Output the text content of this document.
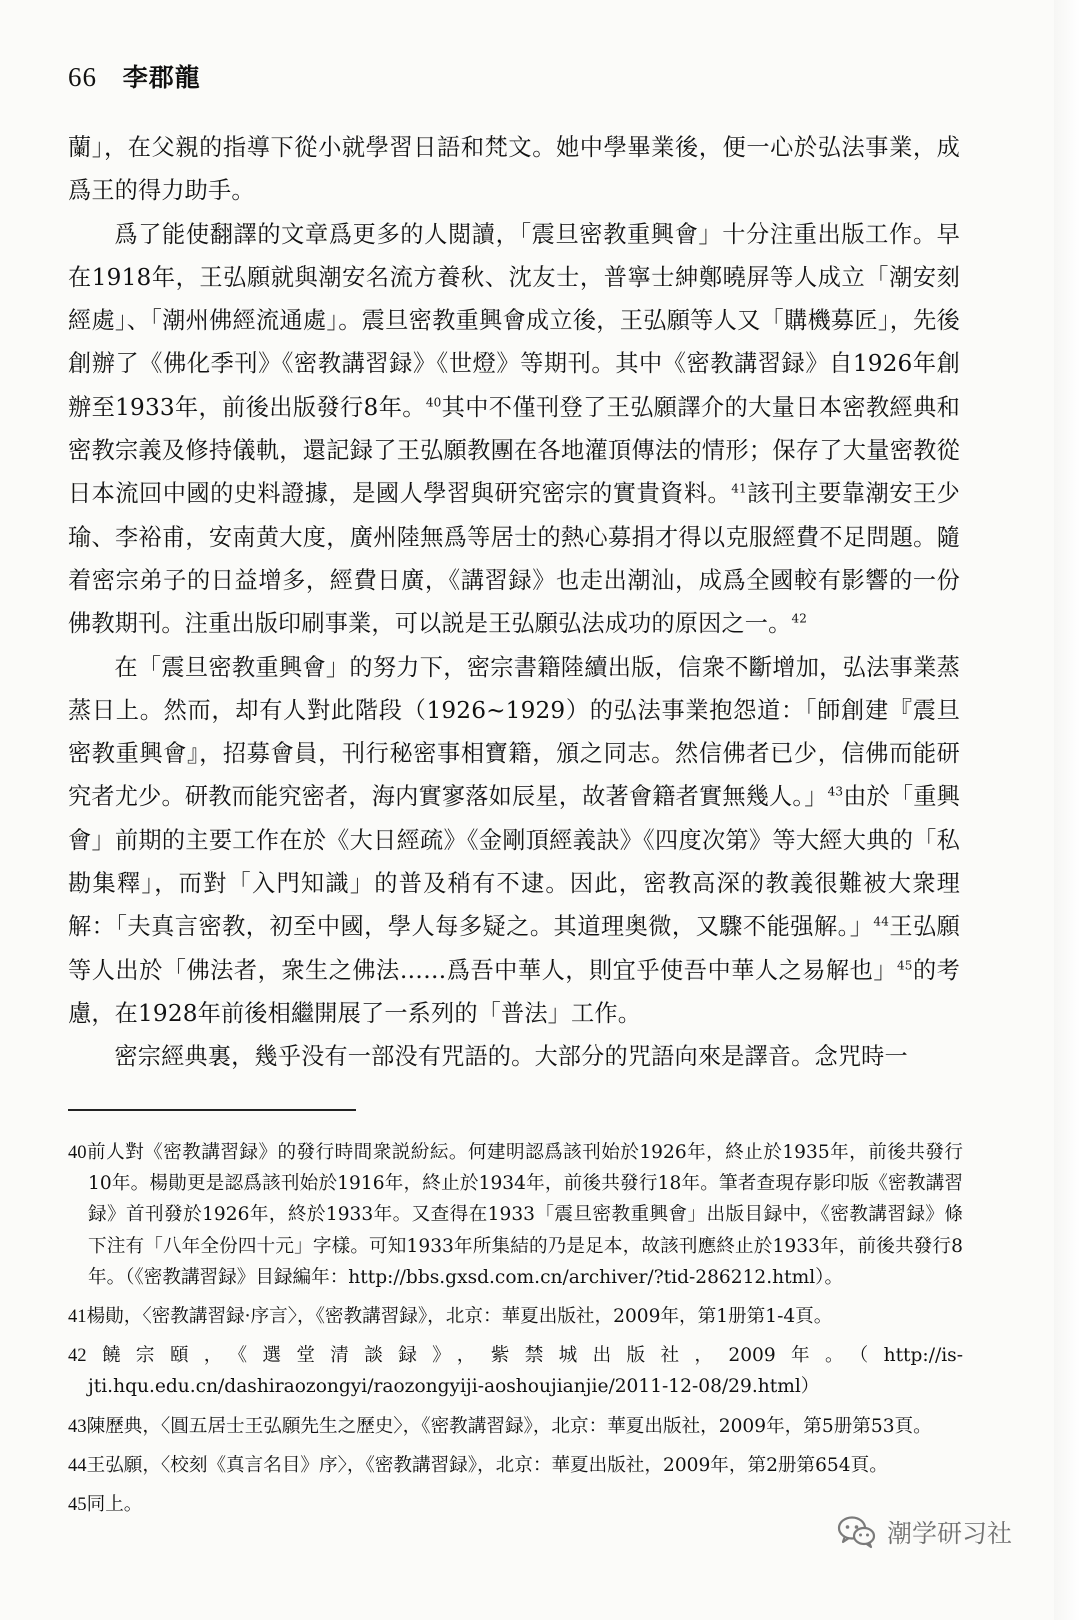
66 李郡龍

蘭」，在父親的指導下從小就學習日語和梵文。她中學畢業後，便一心於弘法事業，成爲王的得力助手。

爲了能使翻譯的文章爲更多的人閲讀，「震旦密教重興會」十分注重出版工作。早在1918年，王弘願就與潮安名流方養秋、沈友士，普寧士紳鄭曉屏等人成立「潮安刻經處」、「潮州佛經流通處」。震旦密教重興會成立後，王弘願等人又「購機募匠」，先後創辦了《佛化季刊》《密教講習録》《世燈》等期刊。其中《密教講習録》自1926年創辦至1933年，前後出版發行8年。$^{40}$其中不僅刊登了王弘願譯介的大量日本密教經典和密教宗義及修持儀軌，還記録了王弘願教團在各地灌頂傳法的情形；保存了大量密教從日本流回中國的史料證據，是國人學習與研究密宗的實貴資料。$^{41}$該刊主要靠潮安王少瑜、李裕甫，安南黄大度，廣州陸無爲等居士的熱心募捐才得以克服經費不足問題。隨着密宗弟子的日益增多，經費日廣，《講習録》也走出潮汕，成爲全國較有影響的一份佛教期刊。注重出版印刷事業，可以説是王弘願弘法成功的原因之一。$^{42}$

在「震旦密教重興會」的努力下，密宗書籍陸續出版，信衆不斷增加，弘法事業蒸蒸日上。然而，却有人對此階段（1926~1929）的弘法事業抱怨道：「師創建『震旦密教重興會』，招募會員，刊行秘密事相寶籍，頒之同志。然信佛者已少，信佛而能研究者尤少。研教而能究密者，海内實寥落如辰星，故著會籍者實無幾人。」$^{43}$由於「重興會」前期的主要工作在於《大日經疏》《金剛頂經義訣》《四度次第》等大經大典的「私勘集釋」，而對「入門知識」的普及稍有不逮。因此，密教高深的教義很難被大衆理解：「夫真言密教，初至中國，學人每多疑之。其道理奥微，又驟不能强解。」$^{44}$王弘願等人出於「佛法者，衆生之佛法……爲吾中華人，則宜乎使吾中華人之易解也」$^{45}$的考慮，在1928年前後相繼開展了一系列的「普法」工作。

密宗經典裏，幾乎没有一部没有咒語的。大部分的咒語向來是譯音。念咒時一

40前人對《密教講習録》的發行時間衆説紛紜。何建明認爲該刊始於1926年，終止於1935年，前後共發行10年。楊勛更是認爲該刊始於1916年，終止於1934年，前後共發行18年。筆者查現存影印版《密教講習録》首刊發於1926年，終於1933年。又查得在1933「震旦密教重興會」出版目録中，《密教講習録》條下注有「八年全份四十元」字樣。可知1933年所集結的乃是足本，故該刊應終止於1933年，前後共發行8年。（《密教講習録》目録編年：http://bbs.gxsd.com.cn/archiver/?tid-286212.html）。

41楊勛，〈密教講習録·序言〉，《密教講習録》，北京：華夏出版社，2009年，第1册第1-4頁。

42饒宗頤，《選堂清談録》，紫禁城出版社，2009年。（http://is-jti.hqu.edu.cn/dashiraozongyi/raozongyiji-aoshoujianjie/2011-12-08/29.html）

43陳歷典，〈圓五居士王弘願先生之歷史〉，《密教講習録》，北京：華夏出版社，2009年，第5册第53頁。

44王弘願，〈校刻《真言名目》序〉，《密教講習録》，北京：華夏出版社，2009年，第2册第654頁。

45同上。

潮学研习社
